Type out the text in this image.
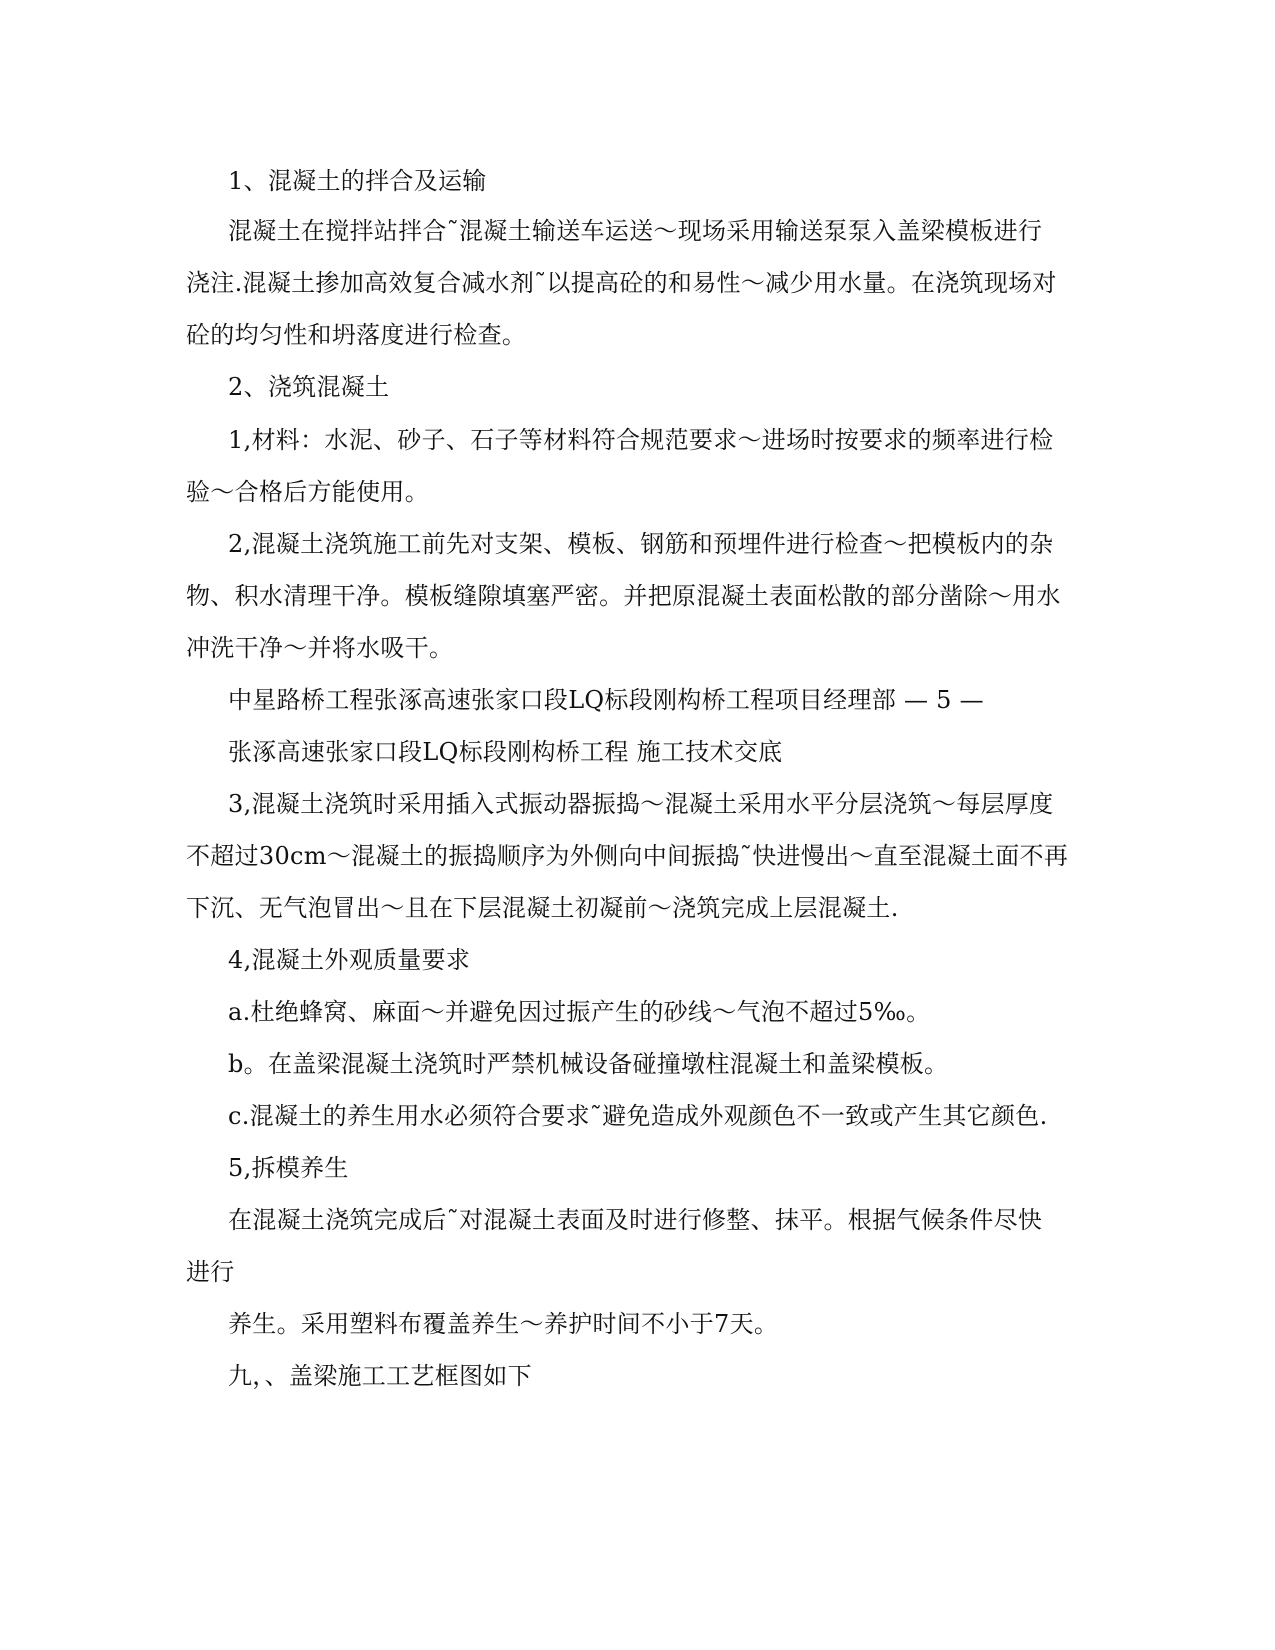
1、混凝土的拌合及运输
混凝土在搅拌站拌合˜混凝土输送车运送～现场采用输送泵泵入盖梁模板进行
浇注.混凝土掺加高效复合减水剂˜以提高砼的和易性～减少用水量。在浇筑现场对
砼的均匀性和坍落度进行检查。
2、浇筑混凝土
1,材料：水泥、砂子、石子等材料符合规范要求～进场时按要求的频率进行检
验～合格后方能使用。
2,混凝土浇筑施工前先对支架、模板、钢筋和预埋件进行检查～把模板内的杂
物、积水清理干净。模板缝隙填塞严密。并把原混凝土表面松散的部分凿除～用水
冲洗干净～并将水吸干。
中星路桥工程张涿高速张家口段LQ标段刚构桥工程项目经理部 — 5 —
张涿高速张家口段LQ标段刚构桥工程 施工技术交底
3,混凝土浇筑时采用插入式振动器振捣～混凝土采用水平分层浇筑～每层厚度
不超过30cm～混凝土的振捣顺序为外侧向中间振捣˜快进慢出～直至混凝土面不再
下沉、无气泡冒出～且在下层混凝土初凝前～浇筑完成上层混凝土.
4,混凝土外观质量要求
a.杜绝蜂窝、麻面～并避免因过振产生的砂线～气泡不超过5‰。
b。在盖梁混凝土浇筑时严禁机械设备碰撞墩柱混凝土和盖梁模板。
c.混凝土的养生用水必须符合要求˜避免造成外观颜色不一致或产生其它颜色.
5,拆模养生
在混凝土浇筑完成后˜对混凝土表面及时进行修整、抹平。根据气候条件尽快
进行
养生。采用塑料布覆盖养生～养护时间不小于7天。
九，、盖梁施工工艺框图如下
